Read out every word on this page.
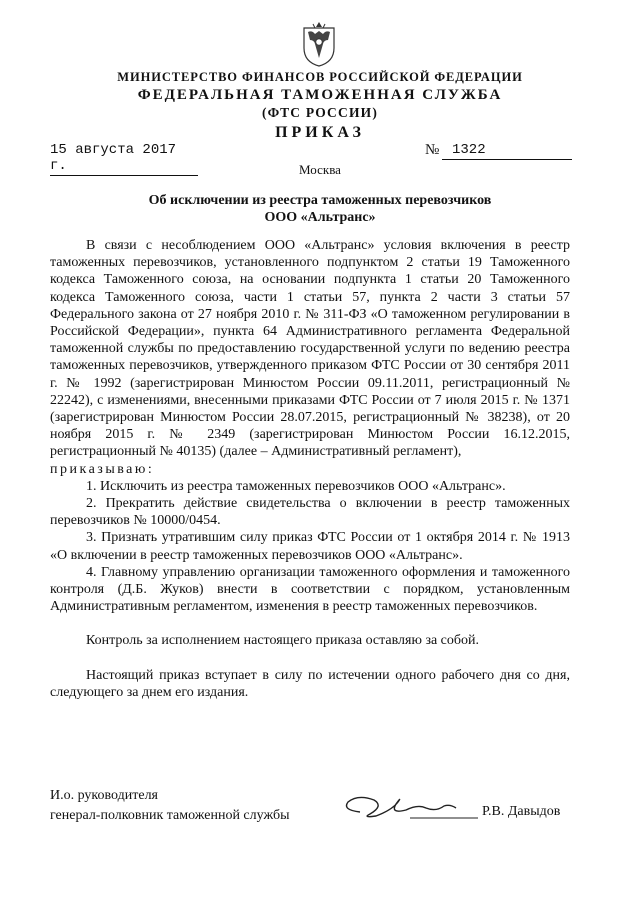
МИНИСТЕРСТВО ФИНАНСОВ РОССИЙСКОЙ ФЕДЕРАЦИИ
ФЕДЕРАЛЬНАЯ ТАМОЖЕННАЯ СЛУЖБА
(ФТС РОССИИ)
ПРИКАЗ
15 августа 2017 г.
№ 1322
Москва
Об исключении из реестра таможенных перевозчиков
ООО «Альтранс»

В связи с несоблюдением ООО «Альтранс» условия включения в реестр таможенных перевозчиков, установленного подпунктом 2 статьи 19 Таможенного кодекса Таможенного союза, на основании подпункта 1 статьи 20 Таможенного кодекса Таможенного союза, части 1 статьи 57, пункта 2 части 3 статьи 57 Федерального закона от 27 ноября 2010 г. № 311-ФЗ «О таможенном регулировании в Российской Федерации», пункта 64 Административного регламента Федеральной таможенной службы по предоставлению государственной услуги по ведению реестра таможенных перевозчиков, утвержденного приказом ФТС России от 30 сентября 2011 г. № 1992 (зарегистрирован Минюстом России 09.11.2011, регистрационный № 22242), с изменениями, внесенными приказами ФТС России от 7 июля 2015 г. № 1371 (зарегистрирован Минюстом России 28.07.2015, регистрационный № 38238), от 20 ноября 2015 г. № 2349 (зарегистрирован Минюстом России 16.12.2015, регистрационный № 40135) (далее – Административный регламент),

приказываю:

1. Исключить из реестра таможенных перевозчиков ООО «Альтранс».

2. Прекратить действие свидетельства о включении в реестр таможенных перевозчиков № 10000/0454.

3. Признать утратившим силу приказ ФТС России от 1 октября 2014 г. № 1913 «О включении в реестр таможенных перевозчиков ООО «Альтранс».

4. Главному управлению организации таможенного оформления и таможенного контроля (Д.Б. Жуков) внести в соответствии с порядком, установленным Административным регламентом, изменения в реестр таможенных перевозчиков.

Контроль за исполнением настоящего приказа оставляю за собой.

Настоящий приказ вступает в силу по истечении одного рабочего дня со дня, следующего за днем его издания.

И.о. руководителя
генерал-полковник таможенной службы	Р.В. Давыдов
